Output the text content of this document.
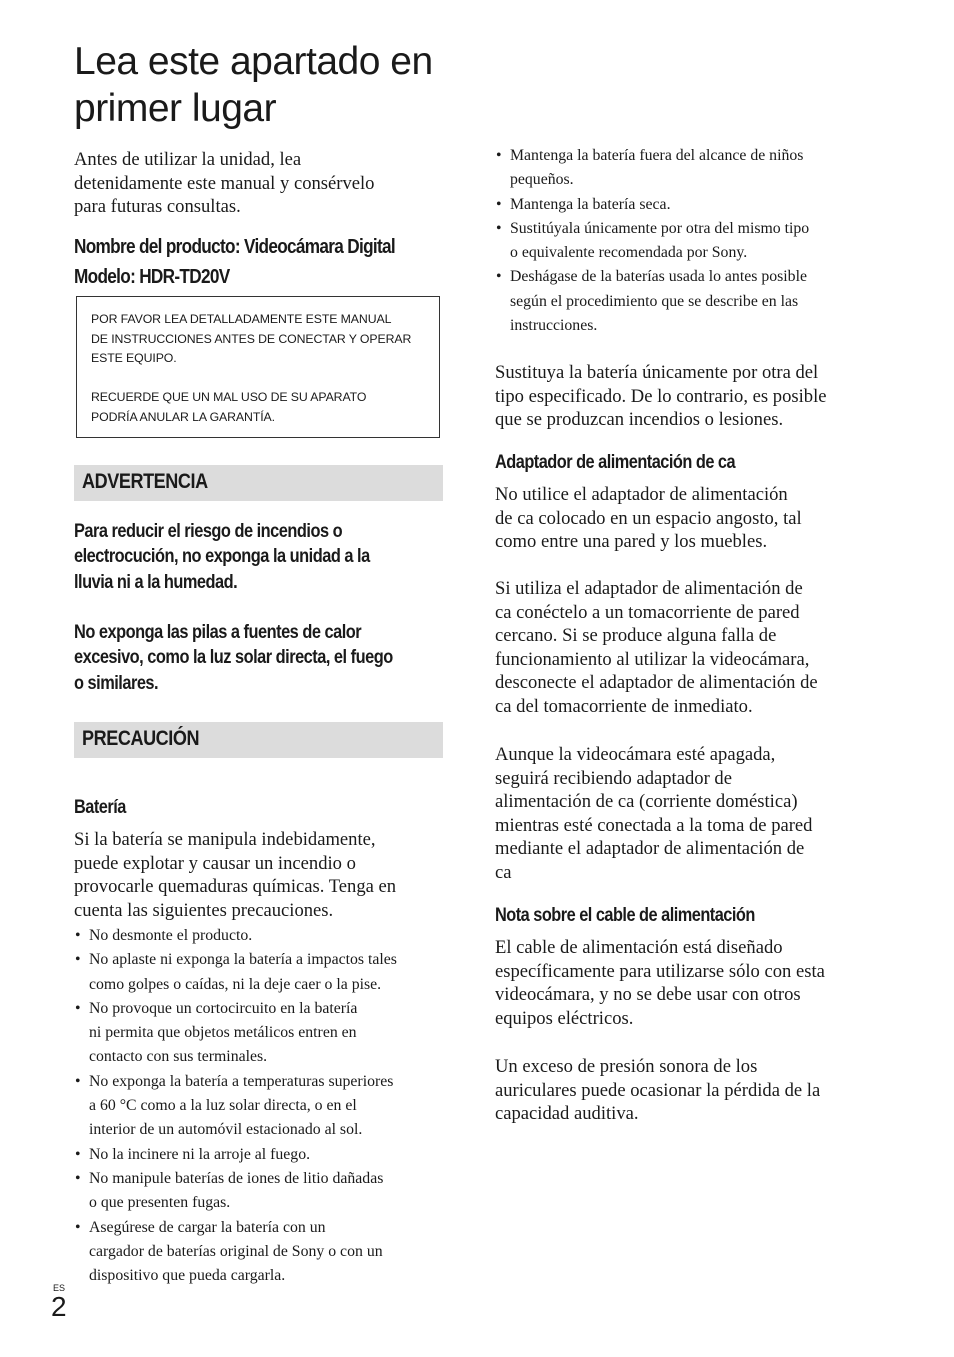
Lea este apartado en
primer lugar
Antes de utilizar la unidad, lea
detenidamente este manual y consérvelo
para futuras consultas.
Nombre del producto: Videocámara Digital
Modelo: HDR-TD20V

POR FAVOR LEA DETALLADAMENTE ESTE MANUAL
DE INSTRUCCIONES ANTES DE CONECTAR Y OPERAR
ESTE EQUIPO.

RECUERDE QUE UN MAL USO DE SU APARATO
PODRÍA ANULAR LA GARANTÍA.

ADVERTENCIA
Para reducir el riesgo de incendios o
electrocución, no exponga la unidad a la
lluvia ni a la humedad.
No exponga las pilas a fuentes de calor
excesivo, como la luz solar directa, el fuego
o similares.
PRECAUCIÓN
Batería
Si la batería se manipula indebidamente,
puede explotar y causar un incendio o
provocarle quemaduras químicas. Tenga en
cuenta las siguientes precauciones.
• No desmonte el producto.
• No aplaste ni exponga la batería a impactos tales
como golpes o caídas, ni la deje caer o la pise.
• No provoque un cortocircuito en la batería
ni permita que objetos metálicos entren en
contacto con sus terminales.
• No exponga la batería a temperaturas superiores
a 60 °C como a la luz solar directa, o en el
interior de un automóvil estacionado al sol.
• No la incinere ni la arroje al fuego.
• No manipule baterías de iones de litio dañadas
o que presenten fugas.
• Asegúrese de cargar la batería con un
cargador de baterías original de Sony o con un
dispositivo que pueda cargarla.
• Mantenga la batería fuera del alcance de niños
pequeños.
• Mantenga la batería seca.
• Sustitúyala únicamente por otra del mismo tipo
o equivalente recomendada por Sony.
• Deshágase de la baterías usada lo antes posible
según el procedimiento que se describe en las
instrucciones.
Sustituya la batería únicamente por otra del
tipo especificado. De lo contrario, es posible
que se produzcan incendios o lesiones.
Adaptador de alimentación de ca
No utilice el adaptador de alimentación
de ca colocado en un espacio angosto, tal
como entre una pared y los muebles.
Si utiliza el adaptador de alimentación de
ca conéctelo a un tomacorriente de pared
cercano. Si se produce alguna falla de
funcionamiento al utilizar la videocámara,
desconecte el adaptador de alimentación de
ca del tomacorriente de inmediato.
Aunque la videocámara esté apagada,
seguirá recibiendo adaptador de
alimentación de ca (corriente doméstica)
mientras esté conectada a la toma de pared
mediante el adaptador de alimentación de
ca
Nota sobre el cable de alimentación
El cable de alimentación está diseñado
específicamente para utilizarse sólo con esta
videocámara, y no se debe usar con otros
equipos eléctricos.
Un exceso de presión sonora de los
auriculares puede ocasionar la pérdida de la
capacidad auditiva.
ES
2
